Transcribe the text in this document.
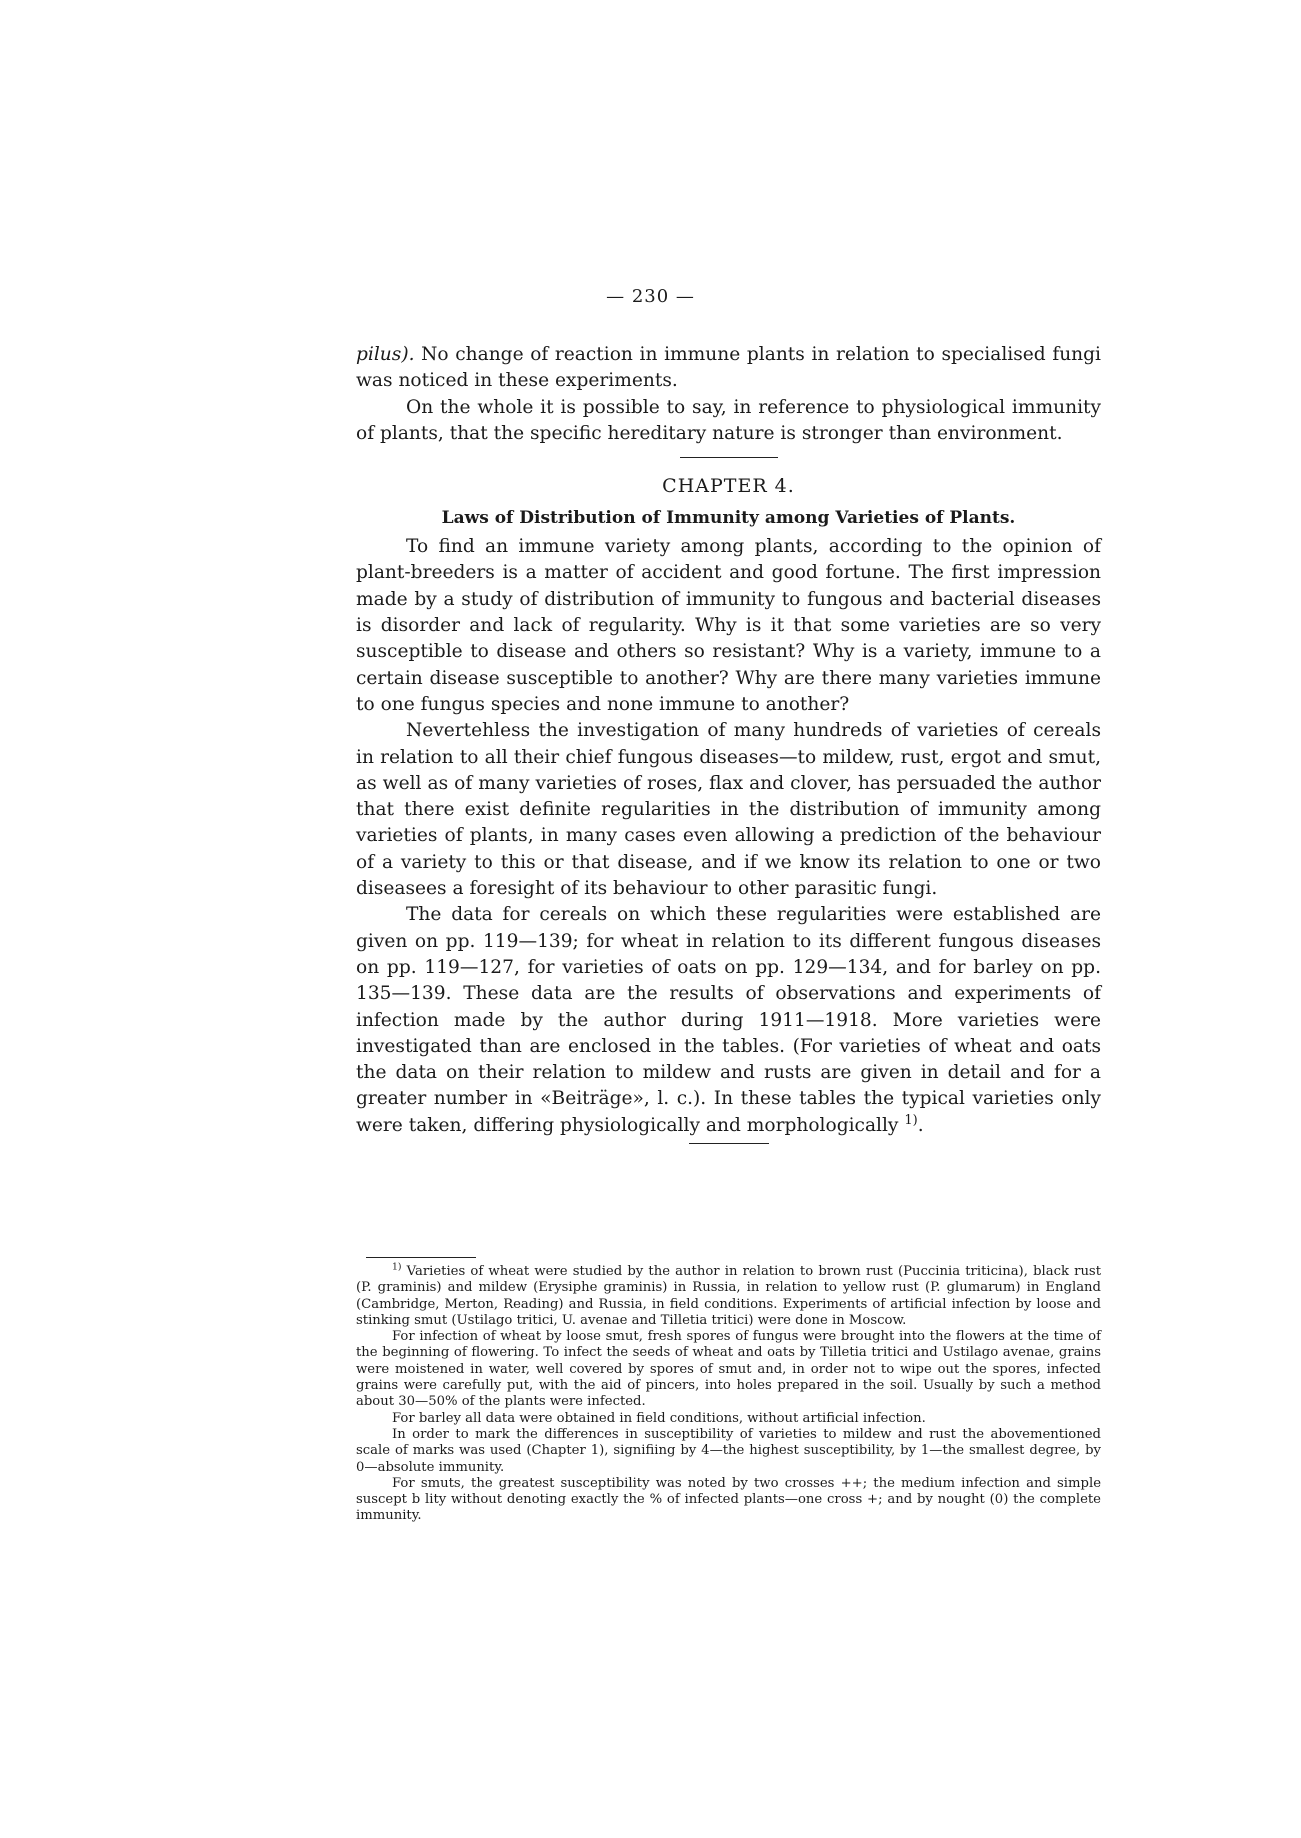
— 230 —

pilus). No change of reaction in immune plants in relation to specialised fungi was noticed in these experiments.

On the whole it is possible to say, in reference to physiological immunity of plants, that the specific hereditary nature is stronger than environment.

CHAPTER 4.
Laws of Distribution of Immunity among Varieties of Plants.

To find an immune variety among plants, according to the opinion of plant-breeders is a matter of accident and good fortune. The first impression made by a study of distribution of immunity to fungous and bacterial diseases is disorder and lack of regularity. Why is it that some varieties are so very susceptible to disease and others so resistant? Why is a variety, immune to a certain disease susceptible to another? Why are there many varieties immune to one fungus species and none immune to another?

Nevertehless the investigation of many hundreds of varieties of cereals in relation to all their chief fungous diseases—to mildew, rust, ergot and smut, as well as of many varieties of roses, flax and clover, has persuaded the author that there exist definite regularities in the distribution of immunity among varieties of plants, in many cases even allowing a prediction of the behaviour of a variety to this or that disease, and if we know its relation to one or two diseasees a foresight of its behaviour to other parasitic fungi.

The data for cereals on which these regularities were established are given on pp. 119—139; for wheat in relation to its different fungous diseases on pp. 119—127, for varieties of oats on pp. 129—134, and for barley on pp. 135—139. These data are the results of observations and experiments of infection made by the author during 1911—1918. More varieties were investigated than are enclosed in the tables. (For varieties of wheat and oats the data on their relation to mildew and rusts are given in detail and for a greater number in «Beiträge», l. c.). In these tables the typical varieties only were taken, differing physiologically and morphologically $^{1)}$.

$^{1)}$ Varieties of wheat were studied by the author in relation to brown rust (Puccinia triticina), black rust (P. graminis) and mildew (Erysiphe graminis) in Russia, in relation to yellow rust (P. glumarum) in England (Cambridge, Merton, Reading) and Russia, in field conditions. Experiments of artificial infection by loose and stinking smut (Ustilago tritici, U. avenae and Tilletia tritici) were done in Moscow.

For infection of wheat by loose smut, fresh spores of fungus were brought into the flowers at the time of the beginning of flowering. To infect the seeds of wheat and oats by Tilletia tritici and Ustilago avenae, grains were moistened in water, well covered by spores of smut and, in order not to wipe out the spores, infected grains were carefully put, with the aid of pincers, into holes prepared in the soil. Usually by such a method about 30—50% of the plants were infected.

For barley all data were obtained in field conditions, without artificial infection.

In order to mark the differences in susceptibility of varieties to mildew and rust the abovementioned scale of marks was used (Chapter 1), signifiing by 4—the highest susceptibility, by 1—the smallest degree, by 0—absolute immunity.

For smuts, the greatest susceptibility was noted by two crosses ++; the medium infection and simple suscept b lity without denoting exactly the % of infected plants—one cross +; and by nought (0) the complete immunity.
